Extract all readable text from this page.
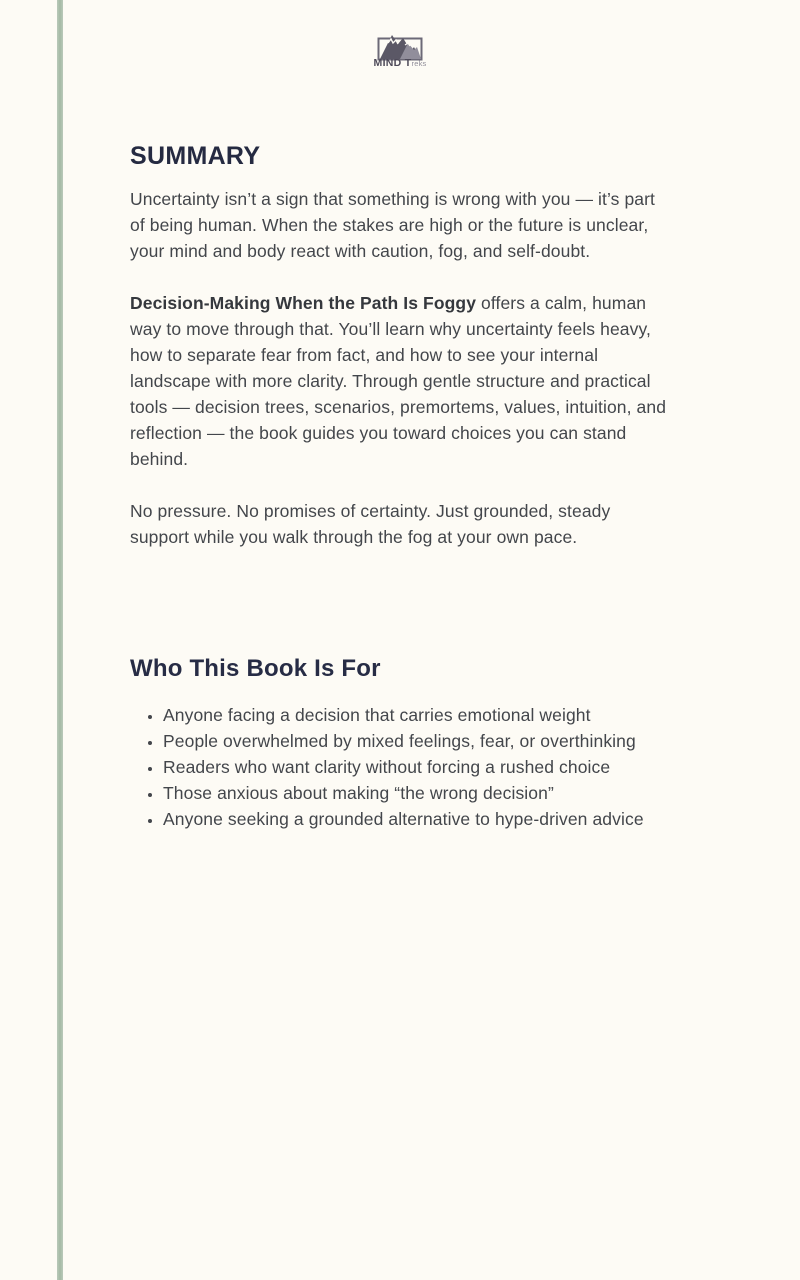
MIND Treks
SUMMARY

Uncertainty isn’t a sign that something is wrong with you — it’s part of being human. When the stakes are high or the future is unclear, your mind and body react with caution, fog, and self-doubt.

Decision-Making When the Path Is Foggy offers a calm, human way to move through that. You’ll learn why uncertainty feels heavy, how to separate fear from fact, and how to see your internal landscape with more clarity. Through gentle structure and practical tools — decision trees, scenarios, premortems, values, intuition, and reflection — the book guides you toward choices you can stand behind.

No pressure. No promises of certainty. Just grounded, steady support while you walk through the fog at your own pace.

Who This Book Is For
• Anyone facing a decision that carries emotional weight
• People overwhelmed by mixed feelings, fear, or overthinking
• Readers who want clarity without forcing a rushed choice
• Those anxious about making “the wrong decision”
• Anyone seeking a grounded alternative to hype-driven advice
